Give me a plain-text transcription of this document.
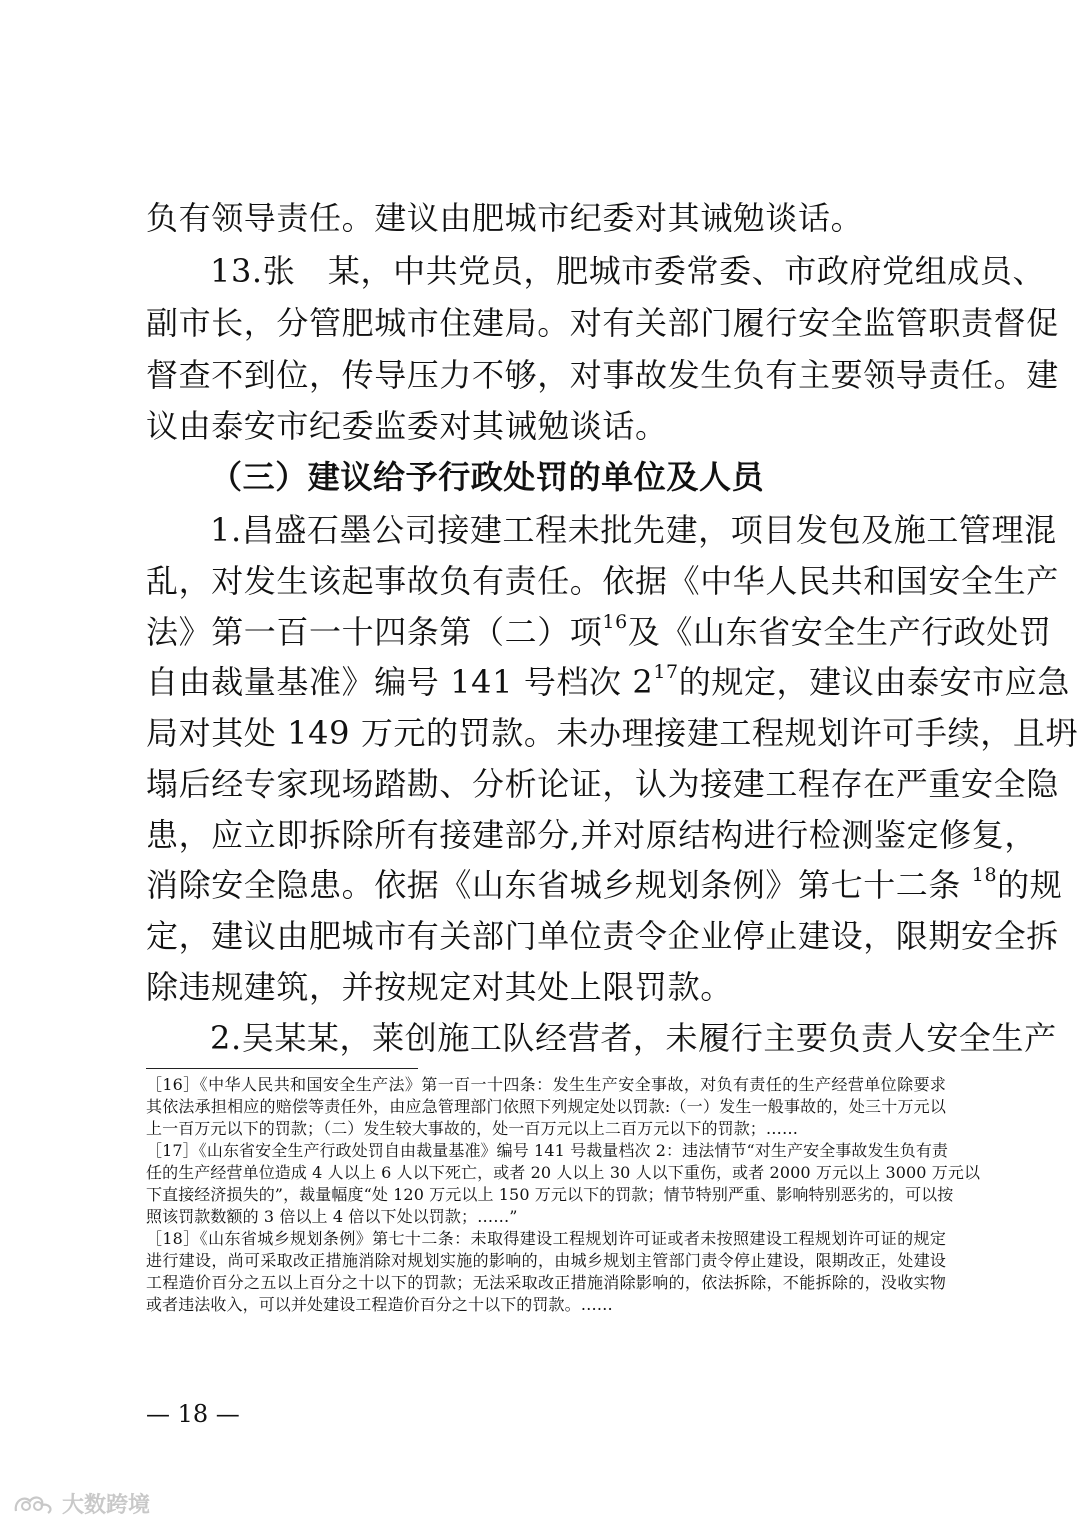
负有领导责任。建议由肥城市纪委对其诫勉谈话。
13.张　某，中共党员，肥城市委常委、市政府党组成员、
副市长，分管肥城市住建局。对有关部门履行安全监管职责督促
督查不到位，传导压力不够，对事故发生负有主要领导责任。建
议由泰安市纪委监委对其诫勉谈话。
（三）建议给予行政处罚的单位及人员
1.昌盛石墨公司接建工程未批先建，项目发包及施工管理混
乱，对发生该起事故负有责任。依据《中华人民共和国安全生产
法》第一百一十四条第（二）项$^{16}$及《山东省安全生产行政处罚
自由裁量基准》编号 141 号档次 $2^{17}$的规定，建议由泰安市应急
局对其处 149 万元的罚款。未办理接建工程规划许可手续，且坍
塌后经专家现场踏勘、分析论证，认为接建工程存在严重安全隐
患，应立即拆除所有接建部分,并对原结构进行检测鉴定修复，
消除安全隐患。依据《山东省城乡规划条例》第七十二条 $^{18}$的规
定，建议由肥城市有关部门单位责令企业停止建设，限期安全拆
除违规建筑，并按规定对其处上限罚款。
2.吴某某，莱创施工队经营者，未履行主要负责人安全生产
［16］《中华人民共和国安全生产法》第一百一十四条：发生生产安全事故，对负有责任的生产经营单位除要求
其依法承担相应的赔偿等责任外，由应急管理部门依照下列规定处以罚款:（一）发生一般事故的，处三十万元以
上一百万元以下的罚款；（二）发生较大事故的，处一百万元以上二百万元以下的罚款；……
［17］《山东省安全生产行政处罚自由裁量基准》编号 141 号裁量档次 2：违法情节“对生产安全事故发生负有责
任的生产经营单位造成 4 人以上 6 人以下死亡，或者 20 人以上 30 人以下重伤，或者 2000 万元以上 3000 万元以
下直接经济损失的”，裁量幅度“处 120 万元以上 150 万元以下的罚款；情节特别严重、影响特别恶劣的，可以按
照该罚款数额的 3 倍以上 4 倍以下处以罚款；……”
［18］《山东省城乡规划条例》第七十二条：未取得建设工程规划许可证或者未按照建设工程规划许可证的规定
进行建设，尚可采取改正措施消除对规划实施的影响的，由城乡规划主管部门责令停止建设，限期改正，处建设
工程造价百分之五以上百分之十以下的罚款；无法采取改正措施消除影响的，依法拆除，不能拆除的，没收实物
或者违法收入，可以并处建设工程造价百分之十以下的罚款。……
— 18 —
大数跨境
